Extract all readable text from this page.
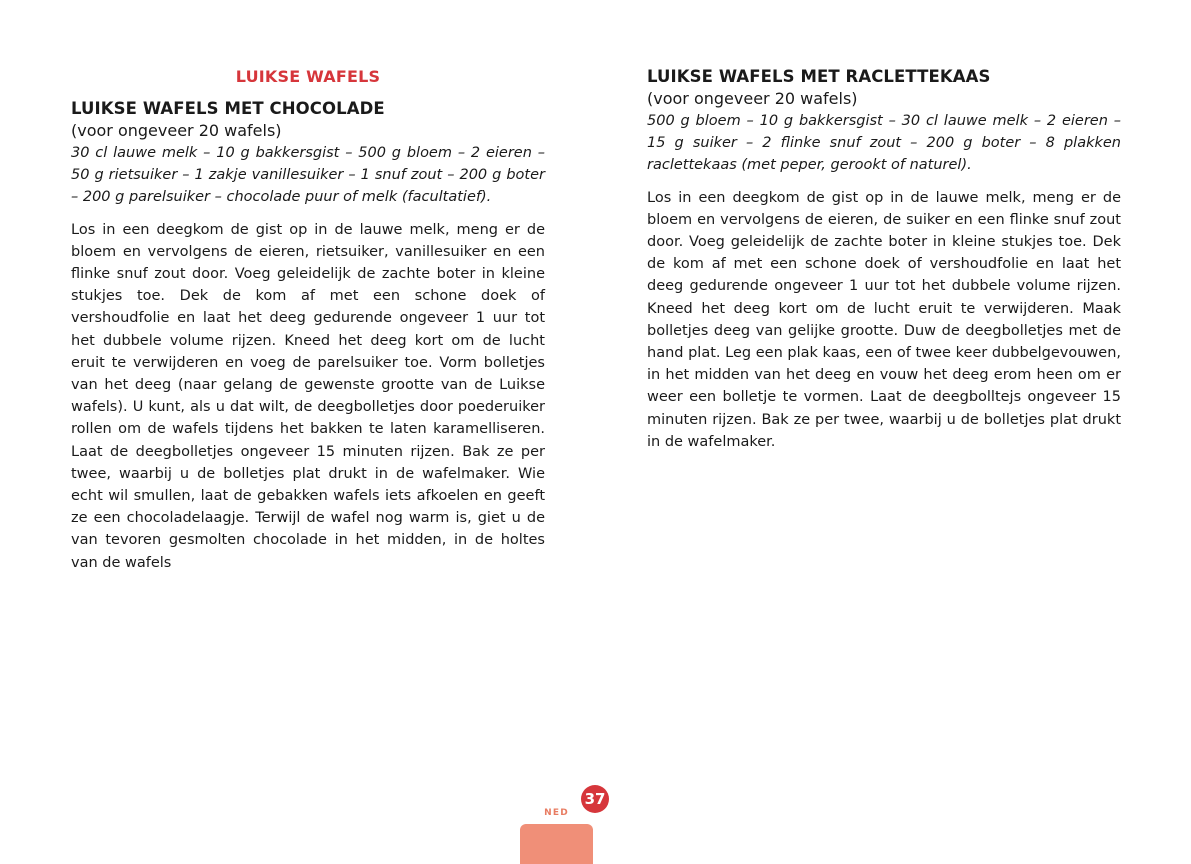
LUIKSE WAFELS
LUIKSE WAFELS MET CHOCOLADE

(voor ongeveer 20 wafels)

30 cl lauwe melk – 10 g bakkersgist – 500 g bloem – 2 eieren – 50 g rietsuiker – 1 zakje vanillesuiker – 1 snuf zout – 200 g boter – 200 g parelsuiker – chocolade puur of melk (facultatief).

Los in een deegkom de gist op in de lauwe melk, meng er de bloem en vervolgens de eieren, rietsuiker, vanillesuiker en een flinke snuf zout door. Voeg geleidelijk de zachte boter in kleine stukjes toe. Dek de kom af met een schone doek of vershoudfolie en laat het deeg gedurende ongeveer 1 uur tot het dubbele volume rijzen. Kneed het deeg kort om de lucht eruit te verwijderen en voeg de parelsuiker toe. Vorm bolletjes van het deeg (naar gelang de gewenste grootte van de Luikse wafels). U kunt, als u dat wilt, de deegbolletjes door poederuiker rollen om de wafels tijdens het bakken te laten karamelliseren. Laat de deegbolletjes ongeveer 15 minuten rijzen. Bak ze per twee, waarbij u de bolletjes plat drukt in de wafelmaker. Wie echt wil smullen, laat de gebakken wafels iets afkoelen en geeft ze een chocoladelaagje. Terwijl de wafel nog warm is, giet u de van tevoren gesmolten chocolade in het midden, in de holtes van de wafels

LUIKSE WAFELS MET RACLETTEKAAS

(voor ongeveer 20 wafels)

500 g bloem – 10 g bakkersgist – 30 cl lauwe melk – 2 eieren – 15 g suiker – 2 flinke snuf zout – 200 g boter – 8 plakken raclettekaas (met peper, gerookt of naturel).

Los in een deegkom de gist op in de lauwe melk, meng er de bloem en vervolgens de eieren, de suiker en een flinke snuf zout door. Voeg geleidelijk de zachte boter in kleine stukjes toe. Dek de kom af met een schone doek of vershoudfolie en laat het deeg gedurende ongeveer 1 uur tot het dubbele volume rijzen. Kneed het deeg kort om de lucht eruit te verwijderen. Maak bolletjes deeg van gelijke grootte. Duw de deegbolletjes met de hand plat. Leg een plak kaas, een of twee keer dubbelgevouwen, in het midden van het deeg en vouw het deeg erom heen om er weer een bolletje te vormen. Laat de deegbolltejs ongeveer 15 minuten rijzen. Bak ze per twee, waarbij u de bolletjes plat drukt in de wafelmaker.

NED

37
